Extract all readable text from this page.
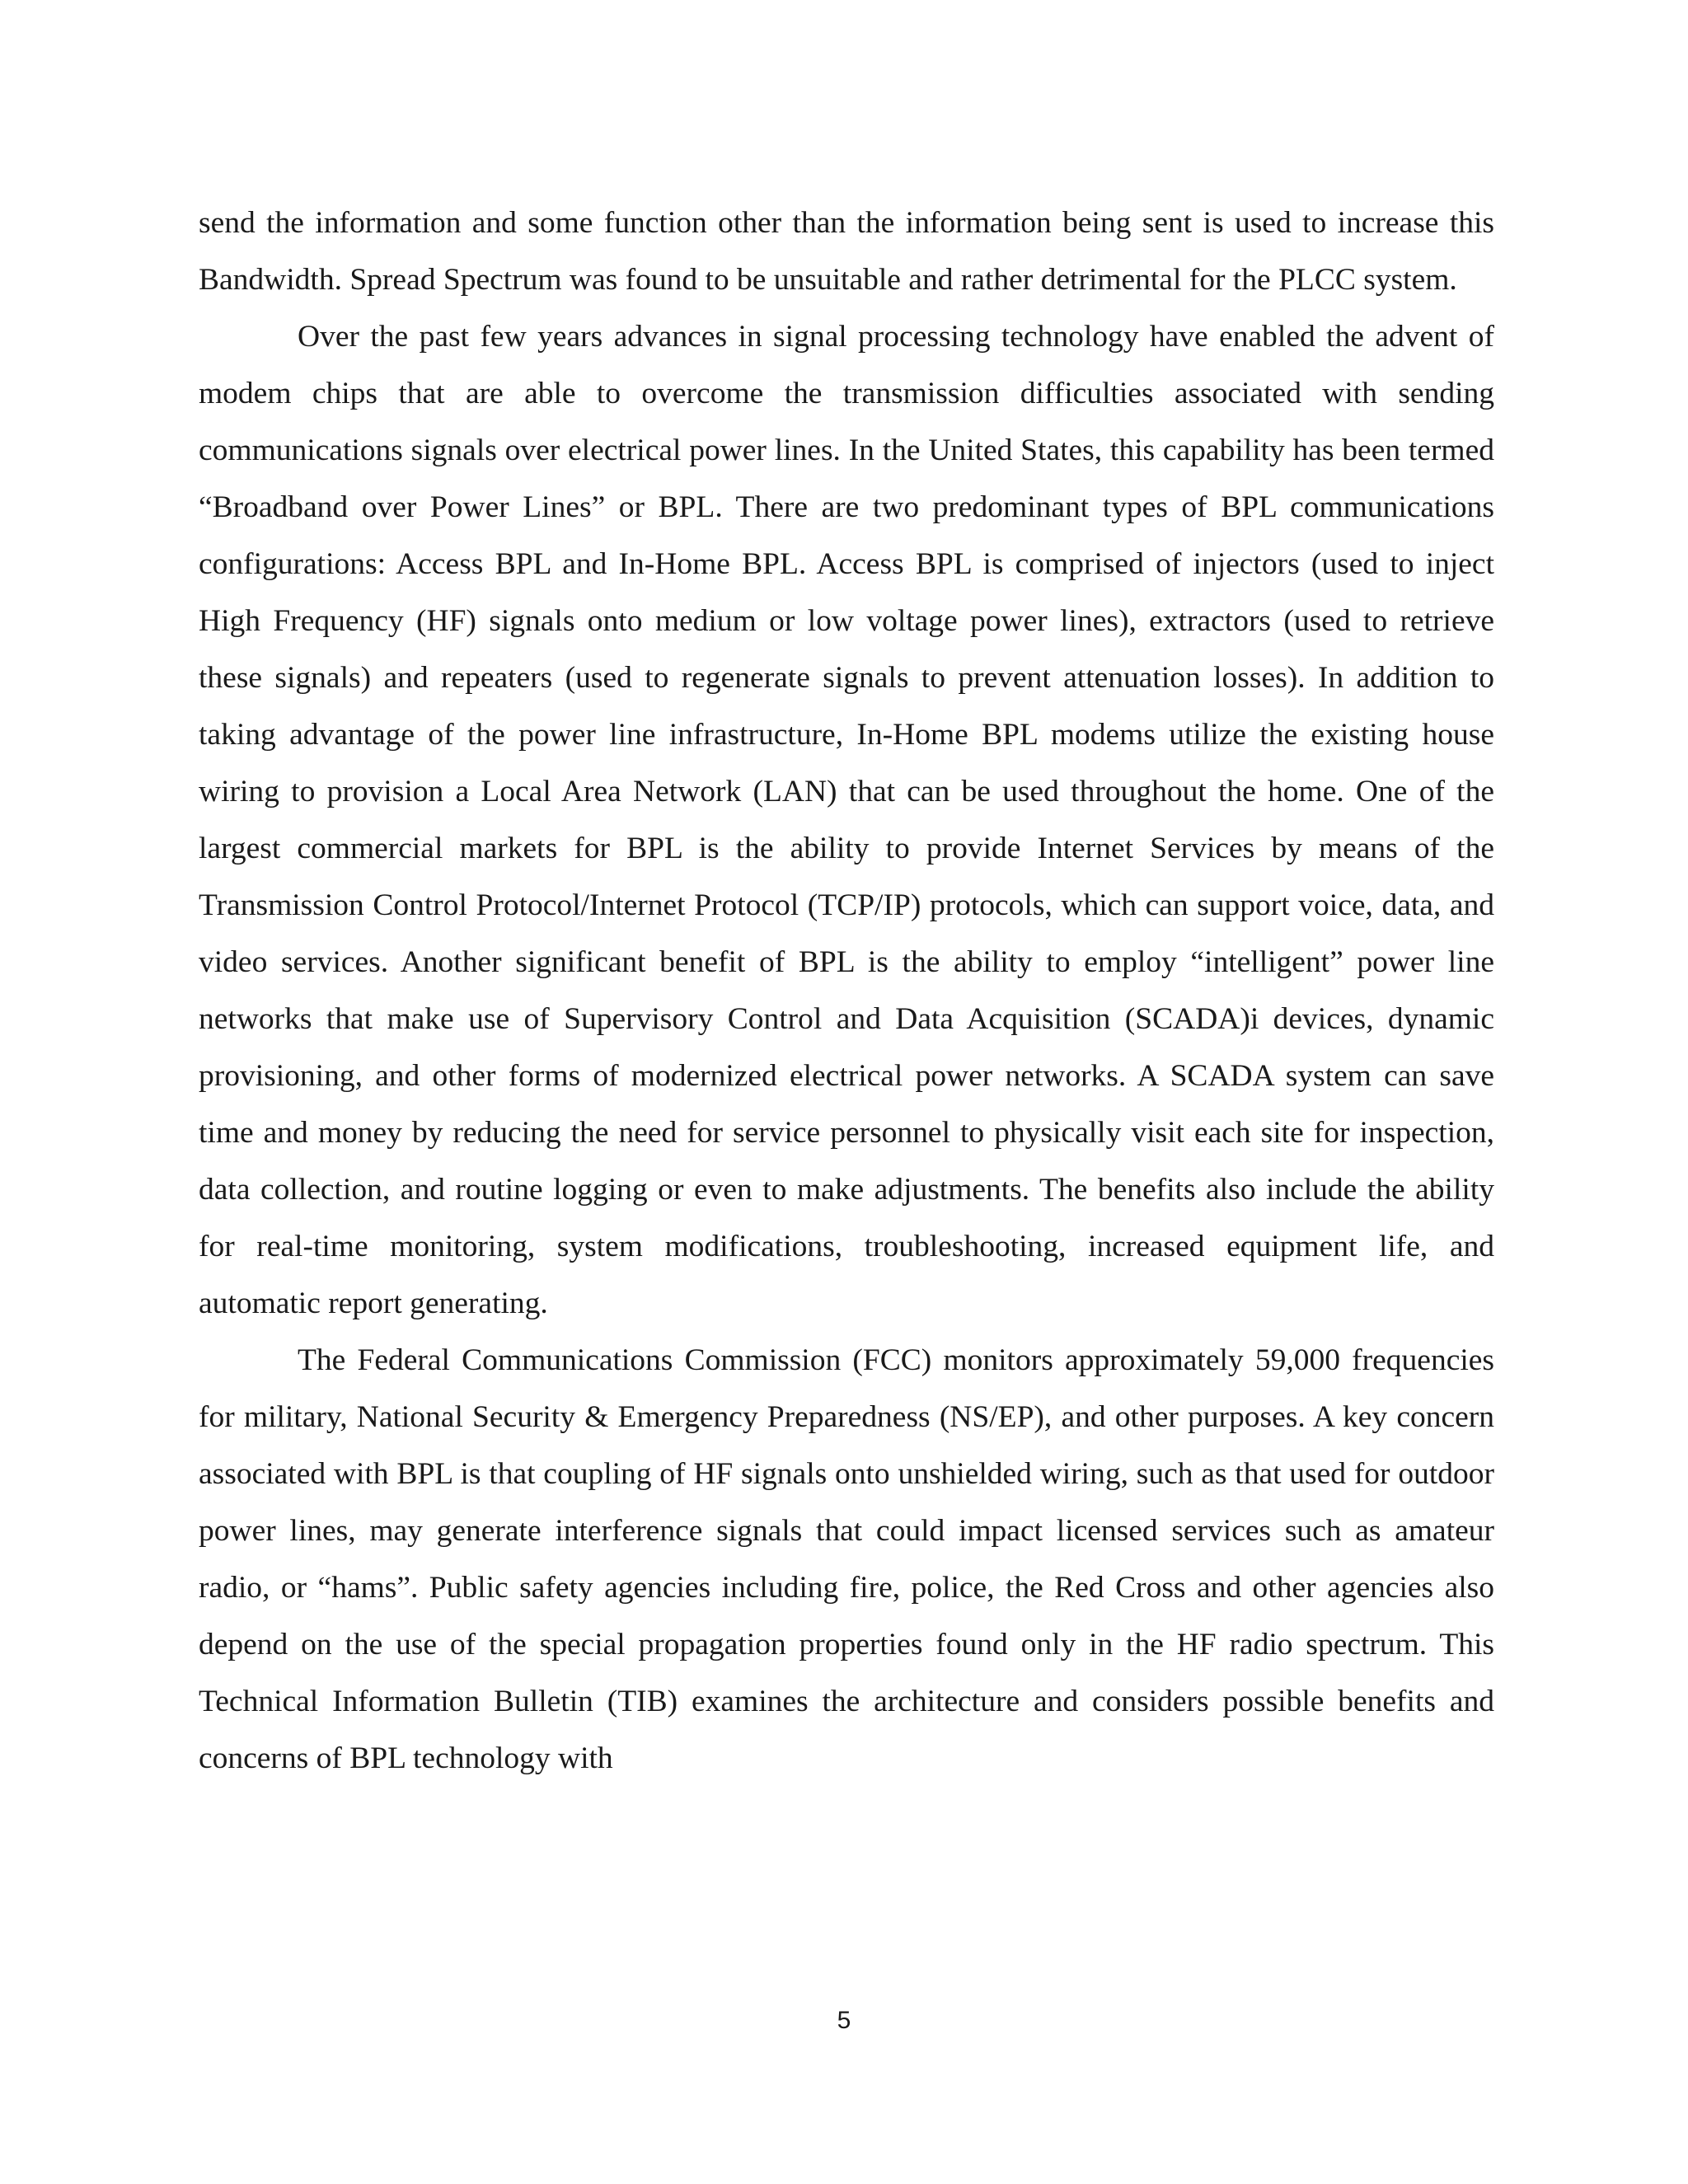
send the information and some function other than the information being sent is used to increase this Bandwidth. Spread Spectrum was found to be unsuitable and rather detrimental for the PLCC system.

Over the past few years advances in signal processing technology have enabled the advent of modem chips that are able to overcome the transmission difficulties associated with sending communications signals over electrical power lines. In the United States, this capability has been termed “Broadband over Power Lines” or BPL. There are two predominant types of BPL communications configurations: Access BPL and In-Home BPL. Access BPL is comprised of injectors (used to inject High Frequency (HF) signals onto medium or low voltage power lines), extractors (used to retrieve these signals) and repeaters (used to regenerate signals to prevent attenuation losses). In addition to taking advantage of the power line infrastructure, In-Home BPL modems utilize the existing house wiring to provision a Local Area Network (LAN) that can be used throughout the home. One of the largest commercial markets for BPL is the ability to provide Internet Services by means of the Transmission Control Protocol/Internet Protocol (TCP/IP) protocols, which can support voice, data, and video services. Another significant benefit of BPL is the ability to employ “intelligent” power line networks that make use of Supervisory Control and Data Acquisition (SCADA)i devices, dynamic provisioning, and other forms of modernized electrical power networks. A SCADA system can save time and money by reducing the need for service personnel to physically visit each site for inspection, data collection, and routine logging or even to make adjustments. The benefits also include the ability for real-time monitoring, system modifications, troubleshooting, increased equipment life, and automatic report generating.

The Federal Communications Commission (FCC) monitors approximately 59,000 frequencies for military, National Security & Emergency Preparedness (NS/EP), and other purposes. A key concern associated with BPL is that coupling of HF signals onto unshielded wiring, such as that used for outdoor power lines, may generate interference signals that could impact licensed services such as amateur radio, or “hams”. Public safety agencies including fire, police, the Red Cross and other agencies also depend on the use of the special propagation properties found only in the HF radio spectrum. This Technical Information Bulletin (TIB) examines the architecture and considers possible benefits and concerns of BPL technology with

5
